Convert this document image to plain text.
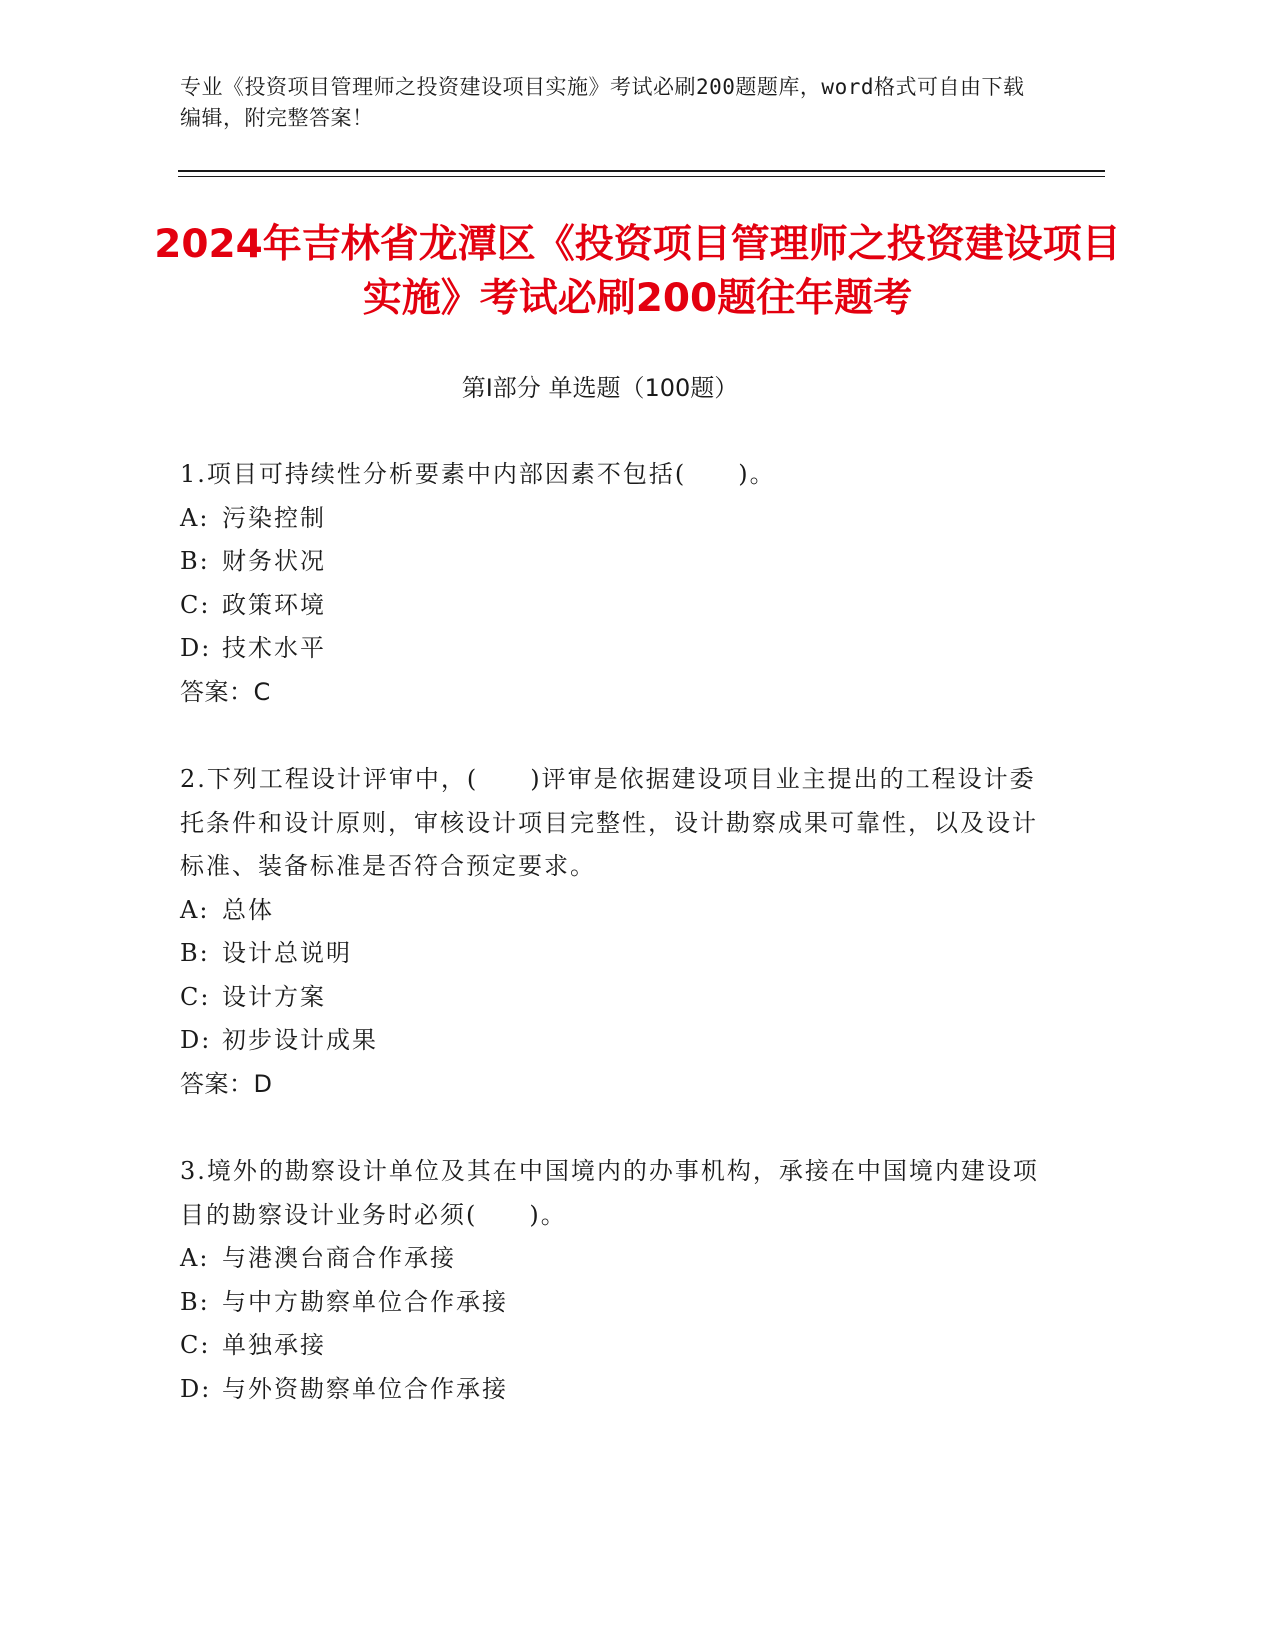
专业《投资项目管理师之投资建设项目实施》考试必刷200题题库，word格式可自由下载编辑，附完整答案！
2024年吉林省龙潭区《投资项目管理师之投资建设项目实施》考试必刷200题往年题考
第Ⅰ部分 单选题（100题）

1.项目可持续性分析要素中内部因素不包括(　　)。

A: 污染控制
B: 财务状况
C: 政策环境
D: 技术水平

答案：C

2.下列工程设计评审中，(　　)评审是依据建设项目业主提出的工程设计委托条件和设计原则，审核设计项目完整性，设计勘察成果可靠性，以及设计标准、装备标准是否符合预定要求。

A: 总体
B: 设计总说明
C: 设计方案
D: 初步设计成果

答案：D

3.境外的勘察设计单位及其在中国境内的办事机构，承接在中国境内建设项目的勘察设计业务时必须(　　)。

A: 与港澳台商合作承接
B: 与中方勘察单位合作承接
C: 单独承接
D: 与外资勘察单位合作承接
